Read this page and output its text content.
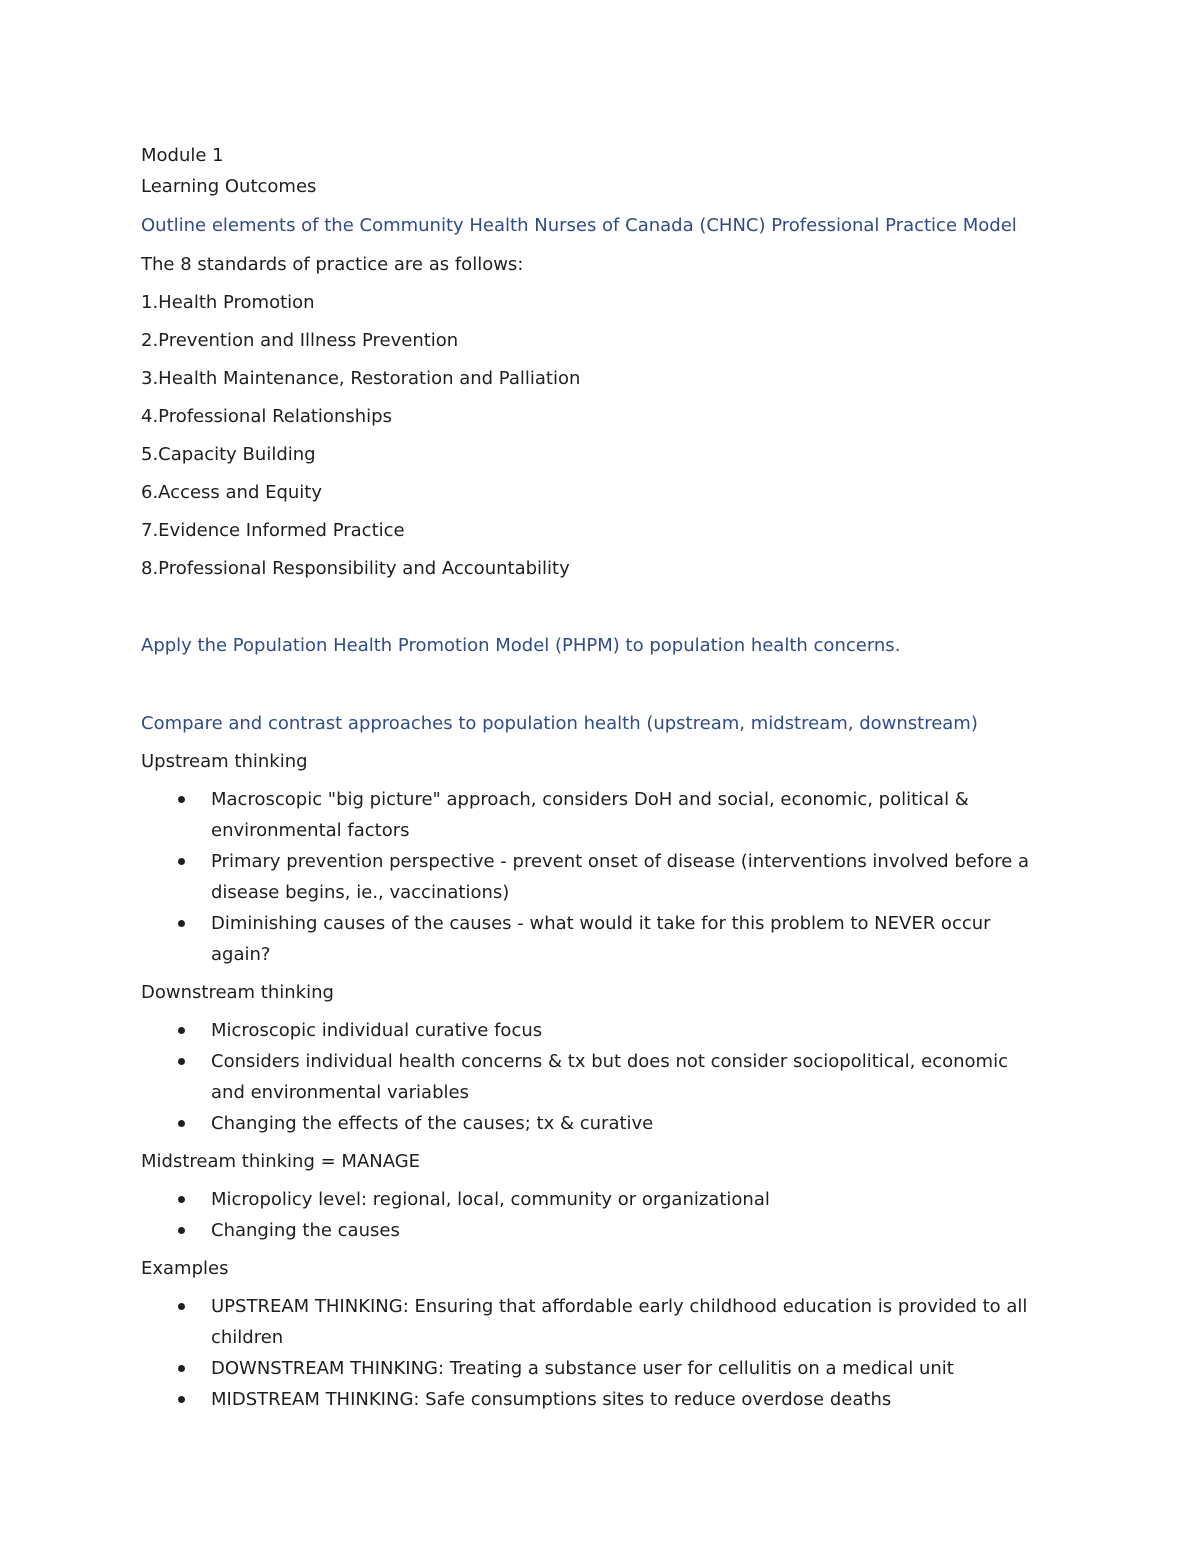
Module 1

Learning Outcomes

Outline elements of the Community Health Nurses of Canada (CHNC) Professional Practice Model

The 8 standards of practice are as follows:

1.Health Promotion

2.Prevention and Illness Prevention

3.Health Maintenance, Restoration and Palliation

4.Professional Relationships

5.Capacity Building

6.Access and Equity

7.Evidence Informed Practice

8.Professional Responsibility and Accountability

Apply the Population Health Promotion Model (PHPM) to population health concerns.

Compare and contrast approaches to population health (upstream, midstream, downstream)

Upstream thinking

Macroscopic "big picture" approach, considers DoH and social, economic, political & environmental factors
Primary prevention perspective - prevent onset of disease (interventions involved before a disease begins, ie., vaccinations)
Diminishing causes of the causes - what would it take for this problem to NEVER occur again?

Downstream thinking

Microscopic individual curative focus
Considers individual health concerns & tx but does not consider sociopolitical, economic and environmental variables
Changing the effects of the causes; tx & curative

Midstream thinking = MANAGE

Micropolicy level: regional, local, community or organizational
Changing the causes

Examples

UPSTREAM THINKING: Ensuring that affordable early childhood education is provided to all children
DOWNSTREAM THINKING: Treating a substance user for cellulitis on a medical unit
MIDSTREAM THINKING: Safe consumptions sites to reduce overdose deaths
